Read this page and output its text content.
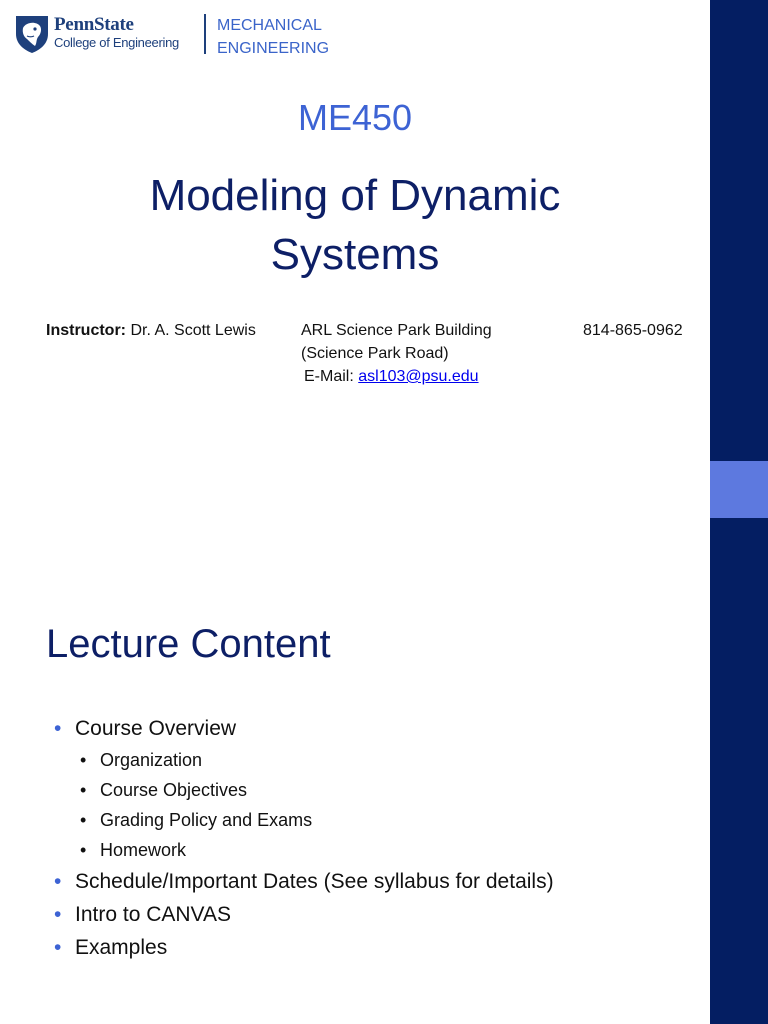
PennState
College of Engineering
MECHANICAL
ENGINEERING
ME450
Modeling of Dynamic
Systems
Instructor: Dr. A. Scott Lewis	ARL Science Park Building
(Science Park Road)
E-Mail: asl103@psu.edu
814-865-0962
Lecture Content
• Course Overview
• Organization
• Course Objectives
• Grading Policy and Exams
• Homework
• Schedule/Important Dates (See syllabus for details)
• Intro to CANVAS
• Examples
